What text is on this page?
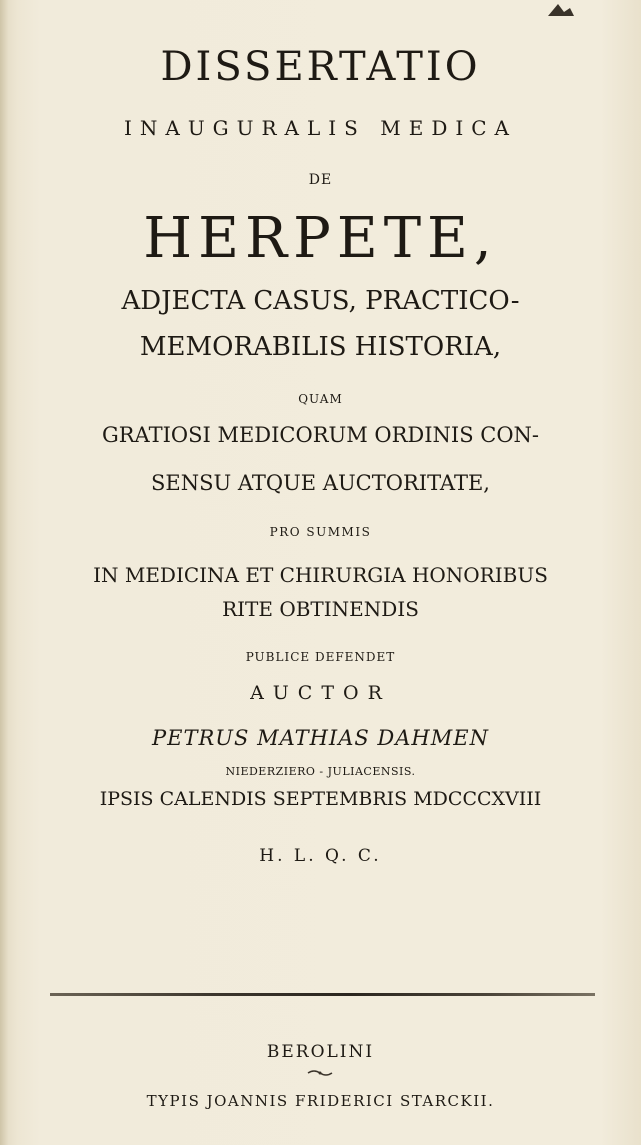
DISSERTATIO
INAUGURALIS MEDICA
DE
HERPETE,
ADJECTA CASUS, PRACTICO-
MEMORABILIS HISTORIA,
QUAM
GRATIOSI MEDICORUM ORDINIS CON-
SENSU ATQUE AUCTORITATE,
PRO SUMMIS
IN MEDICINA ET CHIRURGIA HONORIBUS
RITE OBTINENDIS
PUBLICE DEFENDET
AUCTOR
PETRUS MATHIAS DAHMEN
NIEDERZIERO - JULIACENSIS.
IPSIS CALENDIS SEPTEMBRIS MDCCCXVIII
H. L. Q. C.
BEROLINI
TYPIS JOANNIS FRIDERICI STARCKII.
